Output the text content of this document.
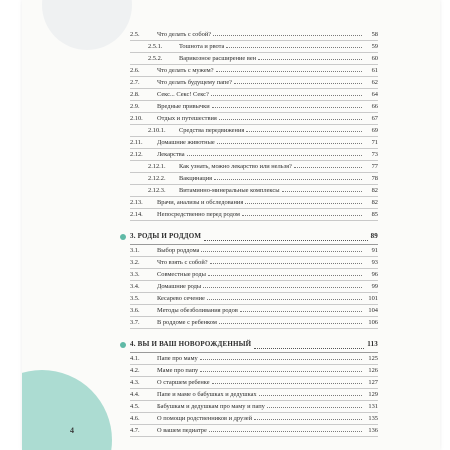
2.5.	Что делать с собой?	58
2.5.1.	Тошнота и рвота	59
2.5.2.	Варикозное расширение вен	60
2.6.	Что делать с мужем?	61
2.7.	Что делать будущему папе?	62
2.8.	Секс... Секс! Секс?	64
2.9.	Вредные привычки	66
2.10.	Отдых и путешествия	67
2.10.1.	Средства передвижения	69
2.11.	Домашние животные	71
2.12.	Лекарства	73
2.12.1.	Как узнать, можно лекарство или нельзя?	77
2.12.2.	Вакцинация	78
2.12.3.	Витаминно-минеральные комплексы	82
2.13.	Врачи, анализы и обследования	82
2.14.	Непосредственно перед родом	85
3. РОДЫ И РОДДОМ	89
3.1.	Выбор роддома	91
3.2.	Что взять с собой?	93
3.3.	Совместные роды	96
3.4.	Домашние роды	99
3.5.	Кесарево сечение	101
3.6.	Методы обезболивания родов	104
3.7.	В роддоме с ребенком	106
4. ВЫ И ВАШ НОВОРОЖДЕННЫЙ	113
4.1.	Папе про маму	125
4.2.	Маме про папу	126
4.3.	О старшем ребенке	127
4.4.	Папе и маме о бабушках и дедушках	129
4.5.	Бабушкам и дедушкам про маму и папу	131
4.6.	О помощи родственников и друзей	135
4.7.	О вашем педиатре	136
4
